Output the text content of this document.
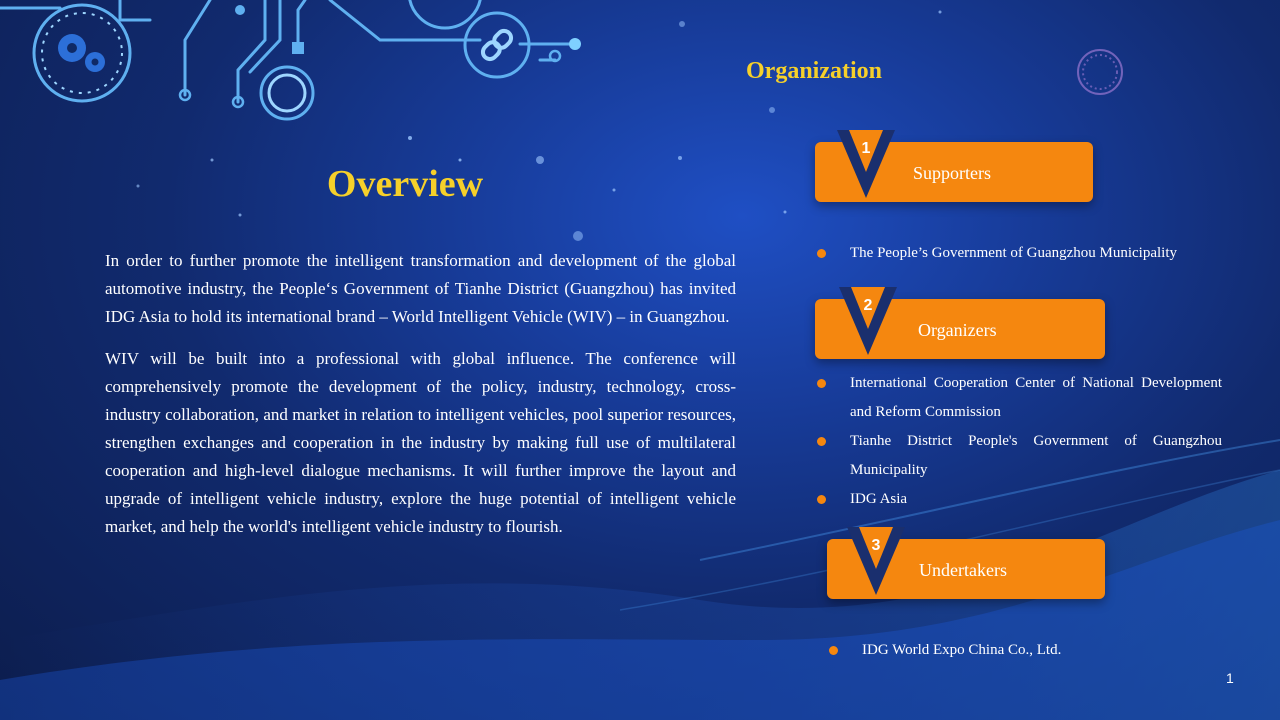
Overview

In order to further promote the intelligent transformation and development of the global automotive industry, the People‘s Government of Tianhe District (Guangzhou) has invited IDG Asia to hold its international brand – World Intelligent Vehicle (WIV) – in Guangzhou.

WIV will be built into a professional with global influence. The conference will comprehensively promote the development of the policy, industry, technology, cross-industry collaboration, and market in relation to intelligent vehicles, pool superior resources, strengthen exchanges and cooperation in the industry by making full use of multilateral cooperation and high-level dialogue mechanisms. It will further improve the layout and upgrade of intelligent vehicle industry, explore the huge potential of intelligent vehicle market, and help the world's intelligent vehicle industry to flourish.

Organization
1
Supporters
The People’s Government of Guangzhou Municipality
2
Organizers
International Cooperation Center of National Development and Reform Commission
Tianhe District People's Government of Guangzhou Municipality
IDG Asia
3
Undertakers
IDG World Expo China Co., Ltd.
1
